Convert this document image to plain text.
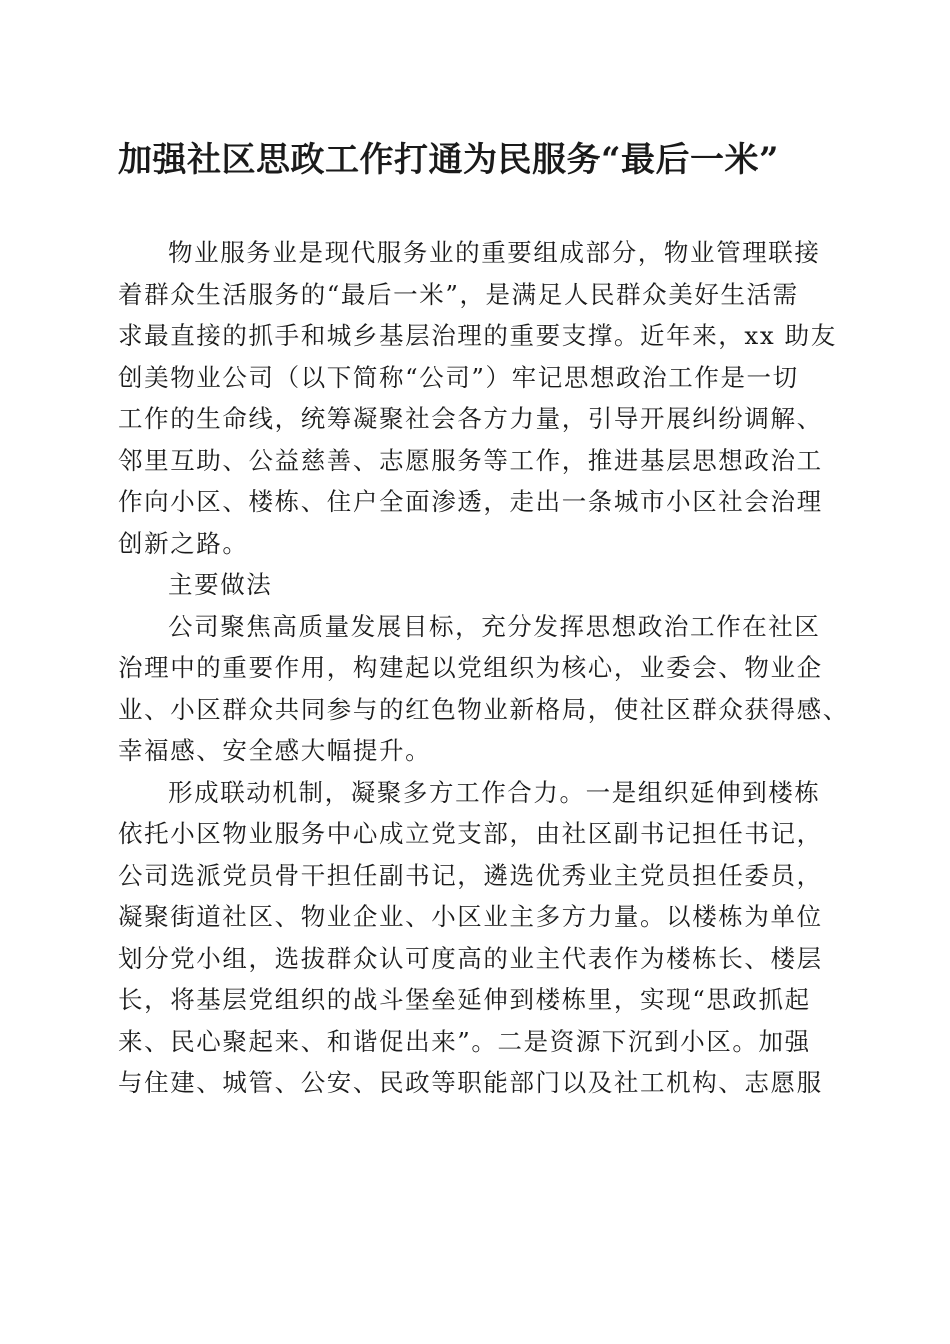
加强社区思政工作打通为民服务“最后一米”
物业服务业是现代服务业的重要组成部分，物业管理联接
着群众生活服务的“最后一米”，是满足人民群众美好生活需
求最直接的抓手和城乡基层治理的重要支撑。近年来，xx 助友
创美物业公司（以下简称“公司”）牢记思想政治工作是一切
工作的生命线，统筹凝聚社会各方力量，引导开展纠纷调解、
邻里互助、公益慈善、志愿服务等工作，推进基层思想政治工
作向小区、楼栋、住户全面渗透，走出一条城市小区社会治理
创新之路。
主要做法
公司聚焦高质量发展目标，充分发挥思想政治工作在社区
治理中的重要作用，构建起以党组织为核心，业委会、物业企
业、小区群众共同参与的红色物业新格局，使社区群众获得感、
幸福感、安全感大幅提升。
形成联动机制，凝聚多方工作合力。一是组织延伸到楼栋
依托小区物业服务中心成立党支部，由社区副书记担任书记，
公司选派党员骨干担任副书记，遴选优秀业主党员担任委员，
凝聚街道社区、物业企业、小区业主多方力量。以楼栋为单位
划分党小组，选拔群众认可度高的业主代表作为楼栋长、楼层
长，将基层党组织的战斗堡垒延伸到楼栋里，实现“思政抓起
来、民心聚起来、和谐促出来”。二是资源下沉到小区。加强
与住建、城管、公安、民政等职能部门以及社工机构、志愿服
